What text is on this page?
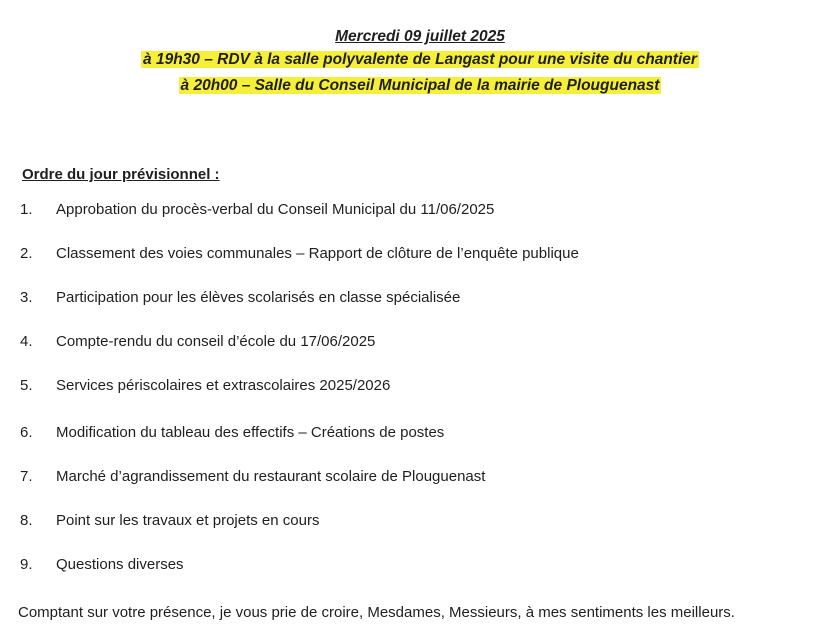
Mercredi 09 juillet 2025
à 19h30 – RDV à la salle polyvalente de Langast pour une visite du chantier
à 20h00 – Salle du Conseil Municipal de la mairie de Plouguenast
Ordre du jour prévisionnel :
1. Approbation du procès-verbal du Conseil Municipal du 11/06/2025
2. Classement des voies communales – Rapport de clôture de l’enquête publique
3. Participation pour les élèves scolarisés en classe spécialisée
4. Compte-rendu du conseil d’école du 17/06/2025
5. Services périscolaires et extrascolaires 2025/2026
6. Modification du tableau des effectifs – Créations de postes
7. Marché d’agrandissement du restaurant scolaire de Plouguenast
8. Point sur les travaux et projets en cours
9. Questions diverses
Comptant sur votre présence, je vous prie de croire, Mesdames, Messieurs, à mes sentiments les meilleurs.
